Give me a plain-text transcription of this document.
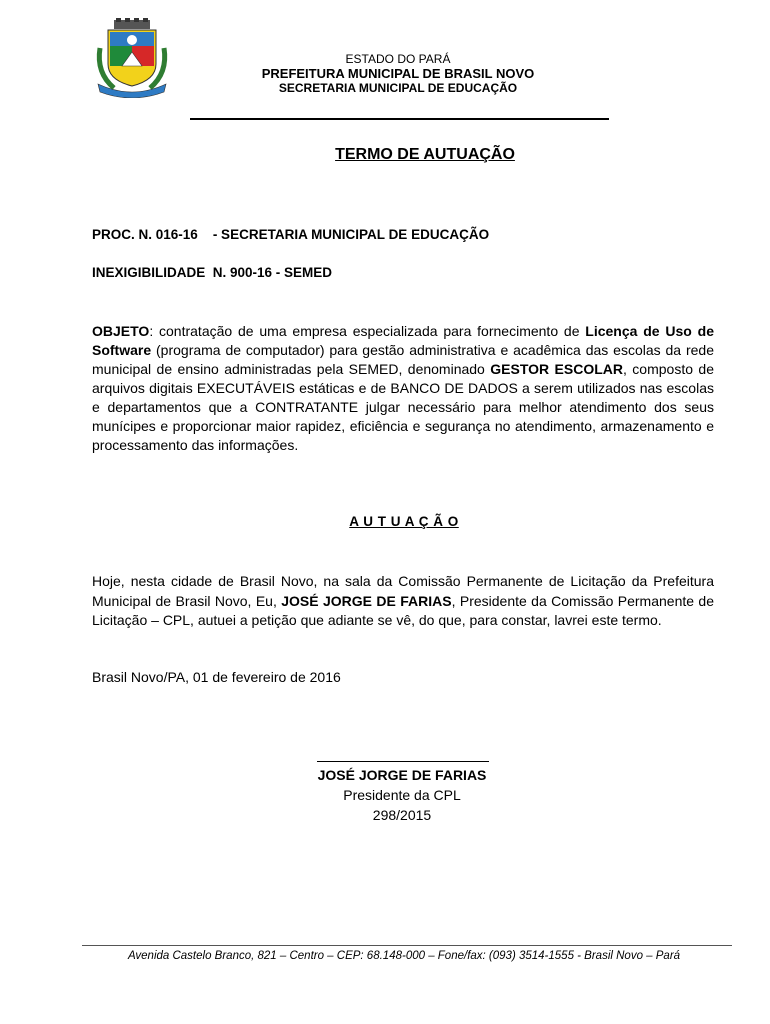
ESTADO DO PARÁ
PREFEITURA MUNICIPAL DE BRASIL NOVO
SECRETARIA MUNICIPAL DE EDUCAÇÃO
TERMO DE AUTUAÇÃO
PROC. N. 016-16 - SECRETARIA MUNICIPAL DE EDUCAÇÃO
INEXIGIBILIDADE  N. 900-16 - SEMED
OBJETO: contratação de uma empresa especializada para fornecimento de Licença de Uso de Software (programa de computador) para gestão administrativa e acadêmica das escolas da rede municipal de ensino administradas pela SEMED, denominado GESTOR ESCOLAR, composto de arquivos digitais EXECUTÁVEIS estáticas e de BANCO DE DADOS a serem utilizados nas escolas e departamentos que a CONTRATANTE julgar necessário para melhor atendimento dos seus munícipes e proporcionar maior rapidez, eficiência e segurança no atendimento, armazenamento e processamento das informações.
A U T U A Ç Ã O
Hoje, nesta cidade de Brasil Novo, na sala da Comissão Permanente de Licitação da Prefeitura Municipal de Brasil Novo, Eu, JOSÉ JORGE DE FARIAS, Presidente da Comissão Permanente de Licitação – CPL, autuei a petição que adiante se vê, do que, para constar, lavrei este termo.
Brasil Novo/PA, 01 de fevereiro de 2016
JOSÉ JORGE DE FARIAS
Presidente da CPL
298/2015
Avenida Castelo Branco, 821 – Centro – CEP: 68.148-000 – Fone/fax: (093) 3514-1555 - Brasil Novo – Pará
